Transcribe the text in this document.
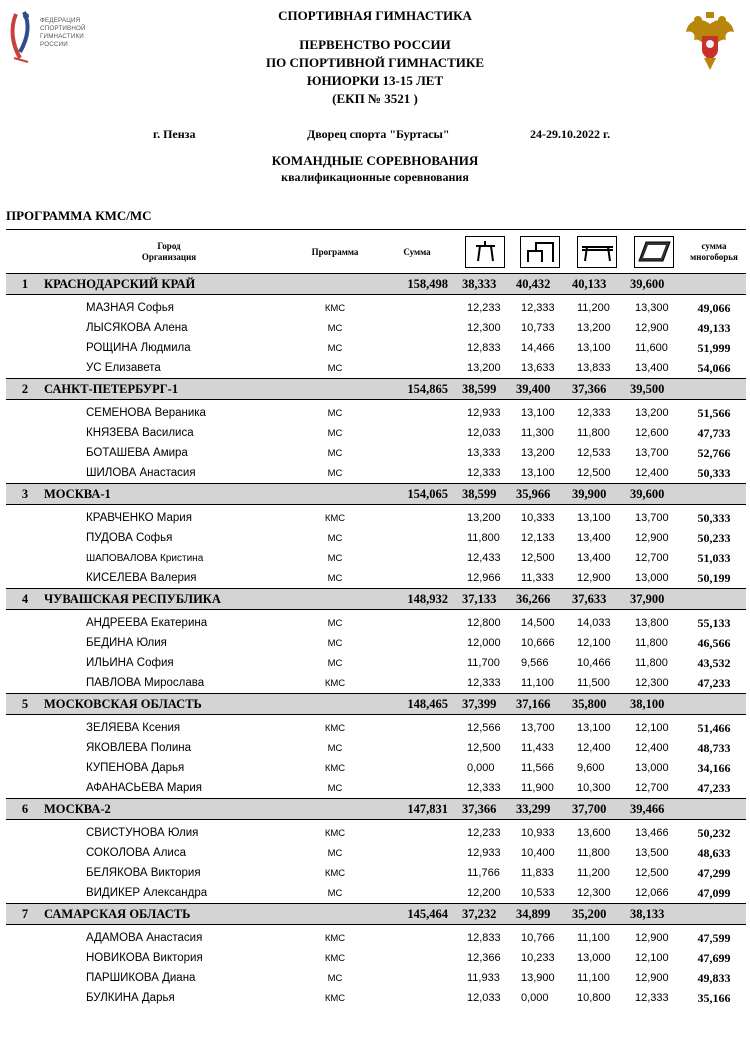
ФЕДЕРАЦИЯ
СПОРТИВНОЙ
ГИМНАСТИКИ
РОССИИ
СПОРТИВНАЯ ГИМНАСТИКА
ПЕРВЕНСТВО РОССИИ
ПО СПОРТИВНОЙ ГИМНАСТИКЕ
ЮНИОРКИ 13-15 ЛЕТ
(ЕКП № 3521 )
г. Пенза	Дворец спорта "Буртасы"	24-29.10.2022 г.
КОМАНДНЫЕ СОРЕВНОВАНИЯ
квалификационные соревнования
ПРОГРАММА КМС/МС
	Город
Организация	Программа	Сумма					сумма
многоборья
1	КРАСНОДАРСКИЙ КРАЙ		158,498	38,333	40,432	40,133	39,600	
	МАЗНАЯ Софья	КМС		12,233	12,333	11,200	13,300	49,066
	ЛЫСЯКОВА Алена	МС		12,300	10,733	13,200	12,900	49,133
	РОЩИНА Людмила	МС		12,833	14,466	13,100	11,600	51,999
	УС Елизавета	МС		13,200	13,633	13,833	13,400	54,066
2	САНКТ-ПЕТЕРБУРГ-1		154,865	38,599	39,400	37,366	39,500	
	СЕМЕНОВА Вераника	МС		12,933	13,100	12,333	13,200	51,566
	КНЯЗЕВА Василиса	МС		12,033	11,300	11,800	12,600	47,733
	БОТАШЕВА Амира	МС		13,333	13,200	12,533	13,700	52,766
	ШИЛОВА Анастасия	МС		12,333	13,100	12,500	12,400	50,333
3	МОСКВА-1		154,065	38,599	35,966	39,900	39,600	
	КРАВЧЕНКО Мария	КМС		13,200	10,333	13,100	13,700	50,333
	ПУДОВА Софья	МС		11,800	12,133	13,400	12,900	50,233
	ШАПОВАЛОВА Кристина	МС		12,433	12,500	13,400	12,700	51,033
	КИСЕЛЕВА Валерия	МС		12,966	11,333	12,900	13,000	50,199
4	ЧУВАШСКАЯ РЕСПУБЛИКА		148,932	37,133	36,266	37,633	37,900	
	АНДРЕЕВА Екатерина	МС		12,800	14,500	14,033	13,800	55,133
	БЕДИНА Юлия	МС		12,000	10,666	12,100	11,800	46,566
	ИЛЬИНА София	МС		11,700	9,566	10,466	11,800	43,532
	ПАВЛОВА Мирослава	КМС		12,333	11,100	11,500	12,300	47,233
5	МОСКОВСКАЯ ОБЛАСТЬ		148,465	37,399	37,166	35,800	38,100	
	ЗЕЛЯЕВА Ксения	КМС		12,566	13,700	13,100	12,100	51,466
	ЯКОВЛЕВА Полина	МС		12,500	11,433	12,400	12,400	48,733
	КУПЕНОВА Дарья	КМС		0,000	11,566	9,600	13,000	34,166
	АФАНАСЬЕВА Мария	МС		12,333	11,900	10,300	12,700	47,233
6	МОСКВА-2		147,831	37,366	33,299	37,700	39,466	
	СВИСТУНОВА Юлия	КМС		12,233	10,933	13,600	13,466	50,232
	СОКОЛОВА Алиса	МС		12,933	10,400	11,800	13,500	48,633
	БЕЛЯКОВА Виктория	КМС		11,766	11,833	11,200	12,500	47,299
	ВИДИКЕР Александра	МС		12,200	10,533	12,300	12,066	47,099
7	САМАРСКАЯ ОБЛАСТЬ		145,464	37,232	34,899	35,200	38,133	
	АДАМОВА Анастасия	КМС		12,833	10,766	11,100	12,900	47,599
	НОВИКОВА Виктория	КМС		12,366	10,233	13,000	12,100	47,699
	ПАРШИКОВА Диана	МС		11,933	13,900	11,100	12,900	49,833
	БУЛКИНА Дарья	КМС		12,033	0,000	10,800	12,333	35,166
